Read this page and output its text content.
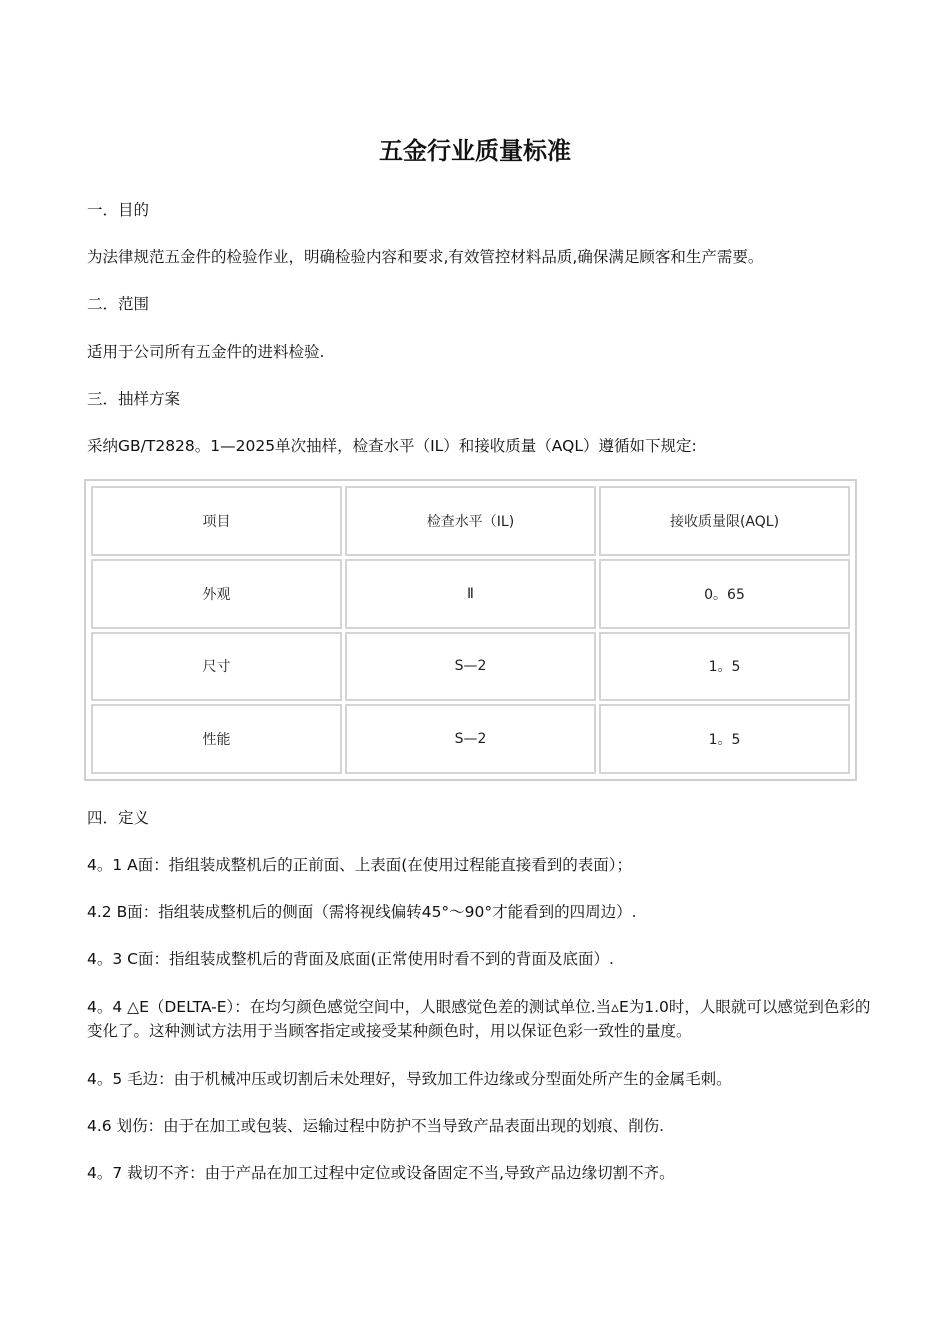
五金行业质量标准
一．目的
为法律规范五金件的检验作业，明确检验内容和要求,有效管控材料品质,确保满足顾客和生产需要。
二．范围
适用于公司所有五金件的进料检验.
三．抽样方案
采纳GB/T2828。1—2025单次抽样，检查水平（IL）和接收质量（AQL）遵循如下规定:
项目	检查水平（IL)	接收质量限(AQL)
外观	Ⅱ	0。65
尺寸	S—2	1。5
性能	S—2	1。5
四．定义
4。1 A面：指组装成整机后的正前面、上表面(在使用过程能直接看到的表面）；
4.2 B面：指组装成整机后的侧面（需将视线偏转45°～90°才能看到的四周边）.
4。3 C面：指组装成整机后的背面及底面(正常使用时看不到的背面及底面）.
4。4 △E（DELTA-E）：在均匀颜色感觉空间中，人眼感觉色差的测试单位.当▵E为1.0时，人眼就可以感觉到色彩的变化了。这种测试方法用于当顾客指定或接受某种颜色时，用以保证色彩一致性的量度。
4。5 毛边：由于机械冲压或切割后未处理好，导致加工件边缘或分型面处所产生的金属毛刺。
4.6 划伤：由于在加工或包装、运输过程中防护不当导致产品表面出现的划痕、削伤.
4。7 裁切不齐：由于产品在加工过程中定位或设备固定不当,导致产品边缘切割不齐。
